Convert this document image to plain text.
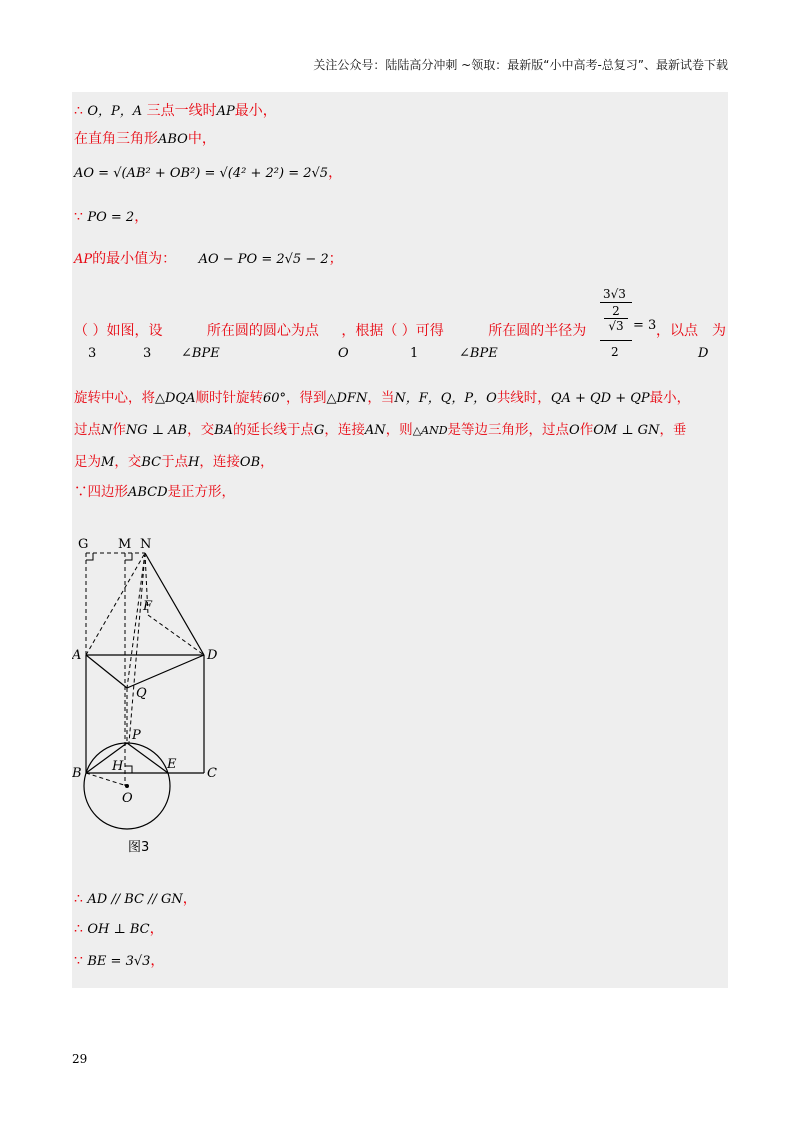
关注公众号：陆陆高分冲刺 ~领取：最新版“小中高考-总复习”、最新试卷下载
∴ O，P，A 三点一线时AP最小，
在直角三角形ABO中，
AO = √(AB² + OB²) = √(4² + 2²) = 2√5，
∵ PO = 2，
AP的最小值为： AO − PO = 2√5 − 2；
（ ）如图，设	所在圆的圆心为点 ，根据（ ）可得	所在圆的半径为
3	3 ∠BPE	O	1	∠BPE
3√3
2
√3
2
= 3 ，以点 为
D
旋转中心，将△DQA顺时针旋转60°，得到△DFN，当N，F，Q，P，O共线时，QA + QD + QP最小，
过点N作NG ⊥ AB，交BA的延长线于点G，连接AN，则△AND是等边三角形，过点O作OM ⊥ GN，垂
足为M，交BC于点H，连接OB，
∵四边形ABCD是正方形，
G M N
F
A	D
Q
P
B H	E
C
O
图3
∴ AD // BC // GN，
∴ OH ⊥ BC，
∵ BE = 3√3，
29
